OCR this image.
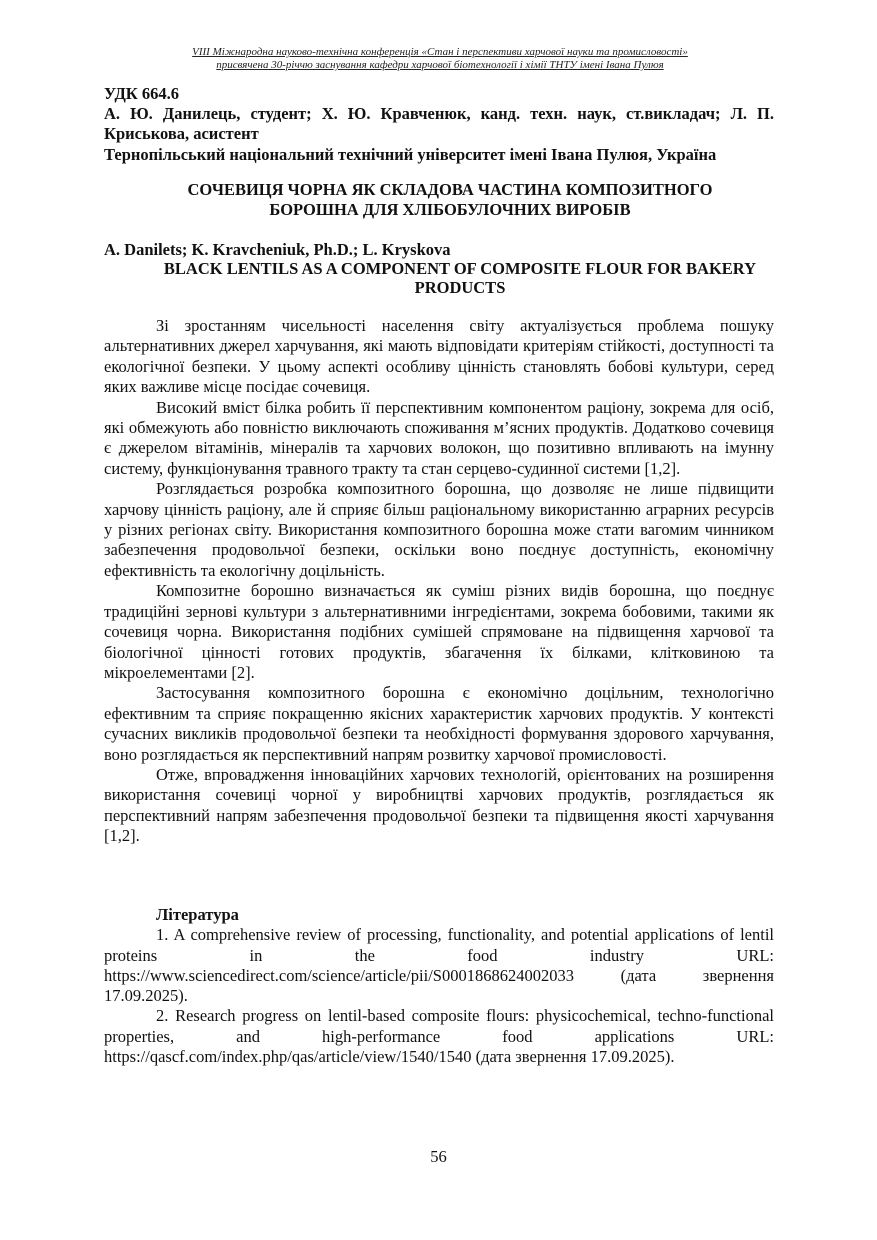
VIII Міжнародна науково-технічна конференція «Стан і перспективи харчової науки та промисловості»
присвячена 30-річчю заснування кафедри харчової біотехнології і хімії ТНТУ імені Івана Пулюя
УДК 664.6
А. Ю. Данилець, студент; Х. Ю. Кравченюк, канд. техн. наук, ст.викладач; Л. П. Криськова, асистент
Тернопільський національний технічний університет імені Івана Пулюя, Україна
СОЧЕВИЦЯ ЧОРНА ЯК СКЛАДОВА ЧАСТИНА КОМПОЗИТНОГО
БОРОШНА ДЛЯ ХЛІБОБУЛОЧНИХ ВИРОБІВ
A. Danilets; K. Kravcheniuk, Ph.D.; L. Kryskova
BLACK LENTILS AS A COMPONENT OF COMPOSITE FLOUR FOR BAKERY
PRODUCTS

Зі зростанням чисельності населення світу актуалізується проблема пошуку альтернативних джерел харчування, які мають відповідати критеріям стійкості, доступності та екологічної безпеки. У цьому аспекті особливу цінність становлять бобові культури, серед яких важливе місце посідає сочевиця.

Високий вміст білка робить її перспективним компонентом раціону, зокрема для осіб, які обмежують або повністю виключають споживання м’ясних продуктів. Додатково сочевиця є джерелом вітамінів, мінералів та харчових волокон, що позитивно впливають на імунну систему, функціонування травного тракту та стан серцево-судинної системи [1,2].

Розглядається розробка композитного борошна, що дозволяє не лише підвищити харчову цінність раціону, але й сприяє більш раціональному використанню аграрних ресурсів у різних регіонах світу. Використання композитного борошна може стати вагомим чинником забезпечення продовольчої безпеки, оскільки воно поєднує доступність, економічну ефективність та екологічну доцільність.

Композитне борошно визначається як суміш різних видів борошна, що поєднує традиційні зернові культури з альтернативними інгредієнтами, зокрема бобовими, такими як сочевиця чорна. Використання подібних сумішей спрямоване на підвищення харчової та біологічної цінності готових продуктів, збагачення їх білками, клітковиною та мікроелементами [2].

Застосування композитного борошна є економічно доцільним, технологічно ефективним та сприяє покращенню якісних характеристик харчових продуктів. У контексті сучасних викликів продовольчої безпеки та необхідності формування здорового харчування, воно розглядається як перспективний напрям розвитку харчової промисловості.

Отже, впровадження інноваційних харчових технологій, орієнтованих на розширення використання сочевиці чорної у виробництві харчових продуктів, розглядається як перспективний напрям забезпечення продовольчої безпеки та підвищення якості харчування [1,2].

Література

1. A comprehensive review of processing, functionality, and potential applications of lentil proteins in the food industry URL: https://www.sciencedirect.com/science/article/pii/S0001868624002033 (дата звернення 17.09.2025).

2. Research progress on lentil-based composite flours: physicochemical, techno-functional properties, and high-performance food applications URL: https://qascf.com/index.php/qas/article/view/1540/1540 (дата звернення 17.09.2025).

56
